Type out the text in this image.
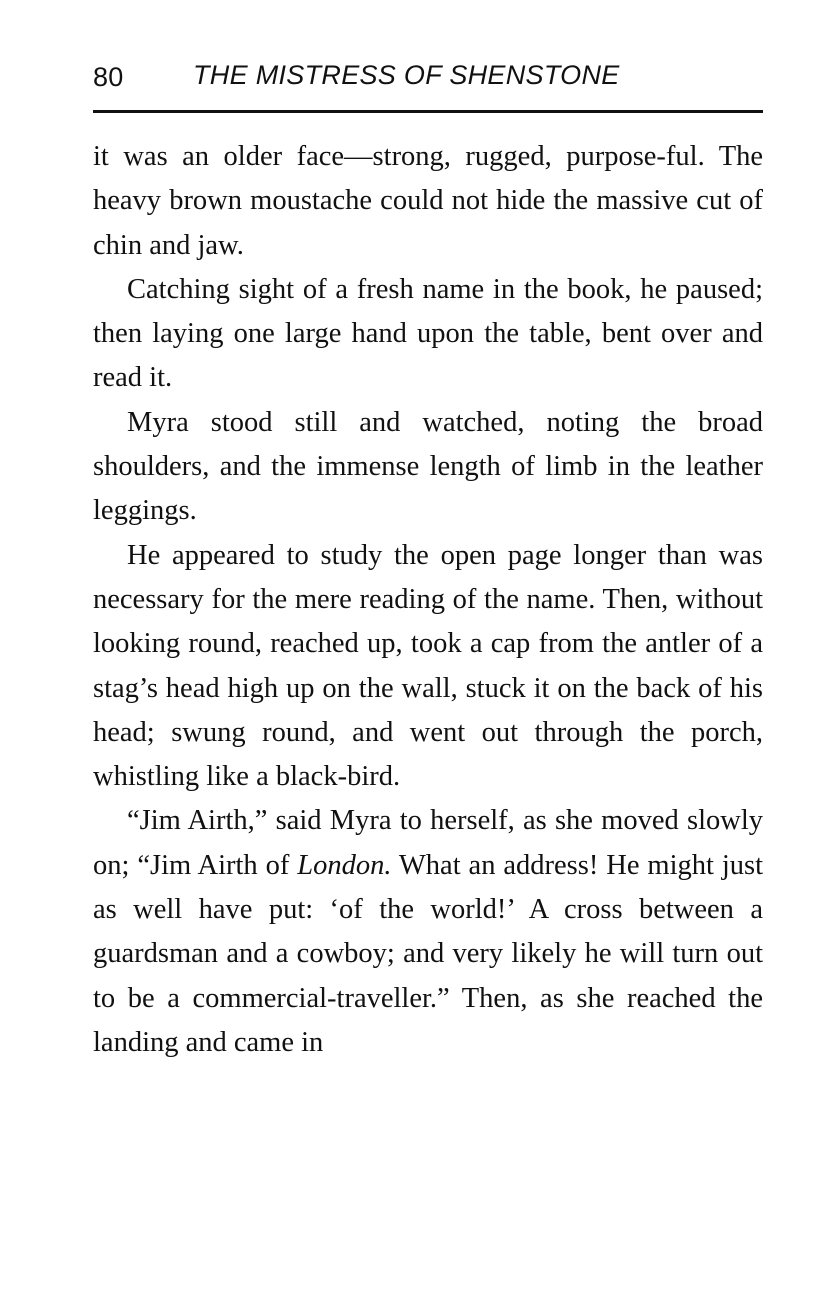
80	THE MISTRESS OF SHENSTONE

it was an older face—strong, rugged, purpose-ful. The heavy brown moustache could not hide the massive cut of chin and jaw.

Catching sight of a fresh name in the book, he paused; then laying one large hand upon the table, bent over and read it.

Myra stood still and watched, noting the broad shoulders, and the immense length of limb in the leather leggings.

He appeared to study the open page longer than was necessary for the mere reading of the name. Then, without looking round, reached up, took a cap from the antler of a stag’s head high up on the wall, stuck it on the back of his head; swung round, and went out through the porch, whistling like a black-bird.

“Jim Airth,” said Myra to herself, as she moved slowly on; “Jim Airth of London. What an address! He might just as well have put: ‘of the world!’ A cross between a guardsman and a cowboy; and very likely he will turn out to be a commercial-traveller.” Then, as she reached the landing and came in
